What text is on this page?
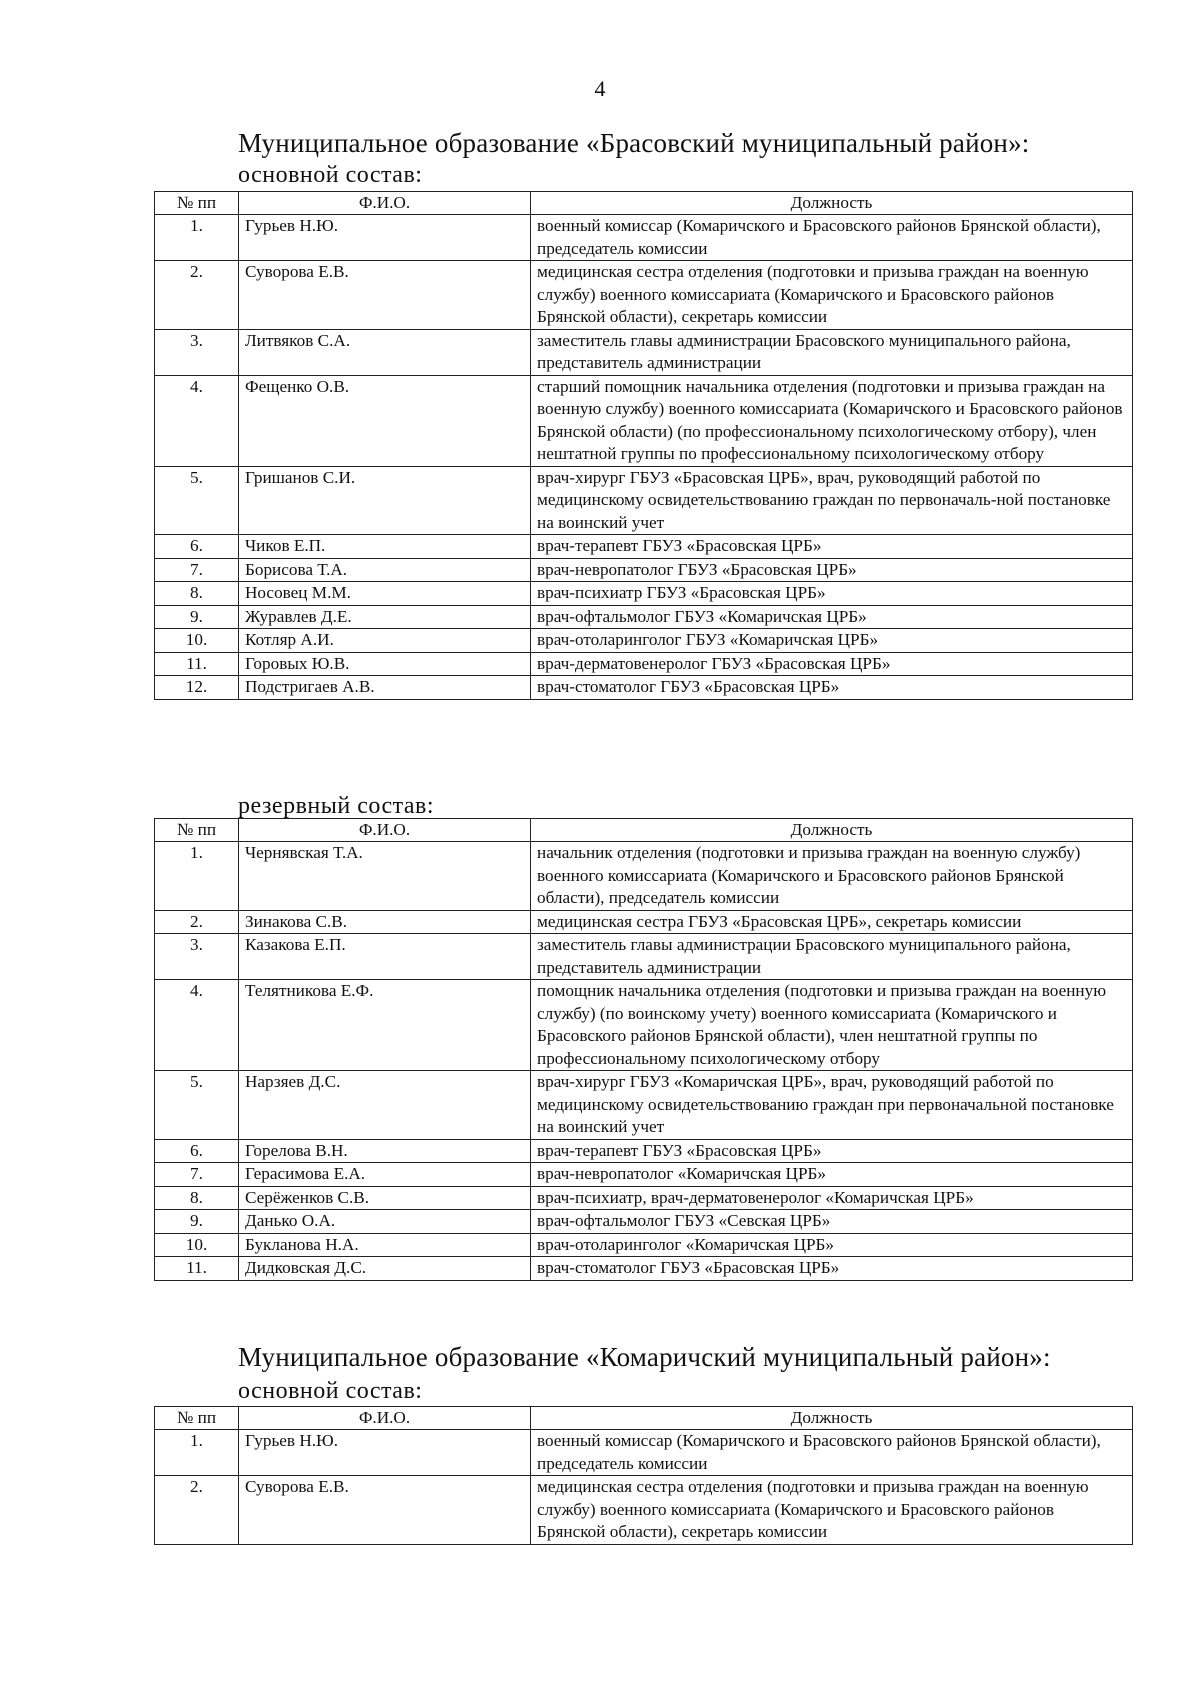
4
Муниципальное образование «Брасовский муниципальный район»:
основной состав:
№ пп	Ф.И.О.	Должность
1.	Гурьев Н.Ю.	военный комиссар (Комаричского и Брасовского районов Брянской области), председатель комиссии
2.	Суворова Е.В.	медицинская сестра отделения (подготовки и призыва граждан на военную службу) военного комиссариата (Комаричского и Брасовского районов Брянской области), секретарь комиссии
3.	Литвяков С.А.	заместитель главы администрации Брасовского муниципального района, представитель администрации
4.	Фещенко О.В.	старший помощник начальника отделения (подготовки и призыва граждан на военную службу) военного комиссариата (Комаричского и Брасовского районов Брянской области) (по профессиональному психологическому отбору), член нештатной группы по профессиональному психологическому отбору
5.	Гришанов С.И.	врач-хирург ГБУЗ «Брасовская ЦРБ», врач, руководящий работой по медицинскому освидетельствованию граждан по первоначаль-ной постановке на воинский учет
6.	Чиков Е.П.	врач-терапевт ГБУЗ «Брасовская ЦРБ»
7.	Борисова Т.А.	врач-невропатолог ГБУЗ «Брасовская ЦРБ»
8.	Носовец М.М.	врач-психиатр ГБУЗ «Брасовская ЦРБ»
9.	Журавлев Д.Е.	врач-офтальмолог ГБУЗ «Комаричская ЦРБ»
10.	Котляр А.И.	врач-отоларинголог ГБУЗ «Комаричская ЦРБ»
11.	Горовых Ю.В.	врач-дерматовенеролог ГБУЗ «Брасовская ЦРБ»
12.	Подстригаев А.В.	врач-стоматолог ГБУЗ «Брасовская ЦРБ»
резервный состав:
№ пп	Ф.И.О.	Должность
1.	Чернявская Т.А.	начальник отделения (подготовки и призыва граждан на военную службу) военного комиссариата (Комаричского и Брасовского районов Брянской области), председатель комиссии
2.	Зинакова С.В.	медицинская сестра ГБУЗ «Брасовская ЦРБ», секретарь комиссии
3.	Казакова Е.П.	заместитель главы администрации Брасовского муниципального района, представитель администрации
4.	Телятникова Е.Ф.	помощник начальника отделения (подготовки и призыва граждан на военную службу) (по воинскому учету) военного комиссариата (Комаричского и Брасовского районов Брянской области), член нештатной группы по профессиональному психологическому отбору
5.	Нарзяев Д.С.	врач-хирург ГБУЗ «Комаричская ЦРБ», врач, руководящий работой по медицинскому освидетельствованию граждан при первоначальной постановке на воинский учет
6.	Горелова В.Н.	врач-терапевт ГБУЗ «Брасовская ЦРБ»
7.	Герасимова Е.А.	врач-невропатолог «Комаричская ЦРБ»
8.	Серёженков С.В.	врач-психиатр, врач-дерматовенеролог «Комаричская ЦРБ»
9.	Данько О.А.	врач-офтальмолог ГБУЗ «Севская ЦРБ»
10.	Букланова Н.А.	врач-отоларинголог «Комаричская ЦРБ»
11.	Дидковская Д.С.	врач-стоматолог ГБУЗ «Брасовская ЦРБ»
Муниципальное образование «Комаричский муниципальный район»:
основной состав:
№ пп	Ф.И.О.	Должность
1.	Гурьев Н.Ю.	военный комиссар (Комаричского и Брасовского районов Брянской области), председатель комиссии
2.	Суворова Е.В.	медицинская сестра отделения (подготовки и призыва граждан на военную службу) военного комиссариата (Комаричского и Брасовского районов Брянской области), секретарь комиссии
